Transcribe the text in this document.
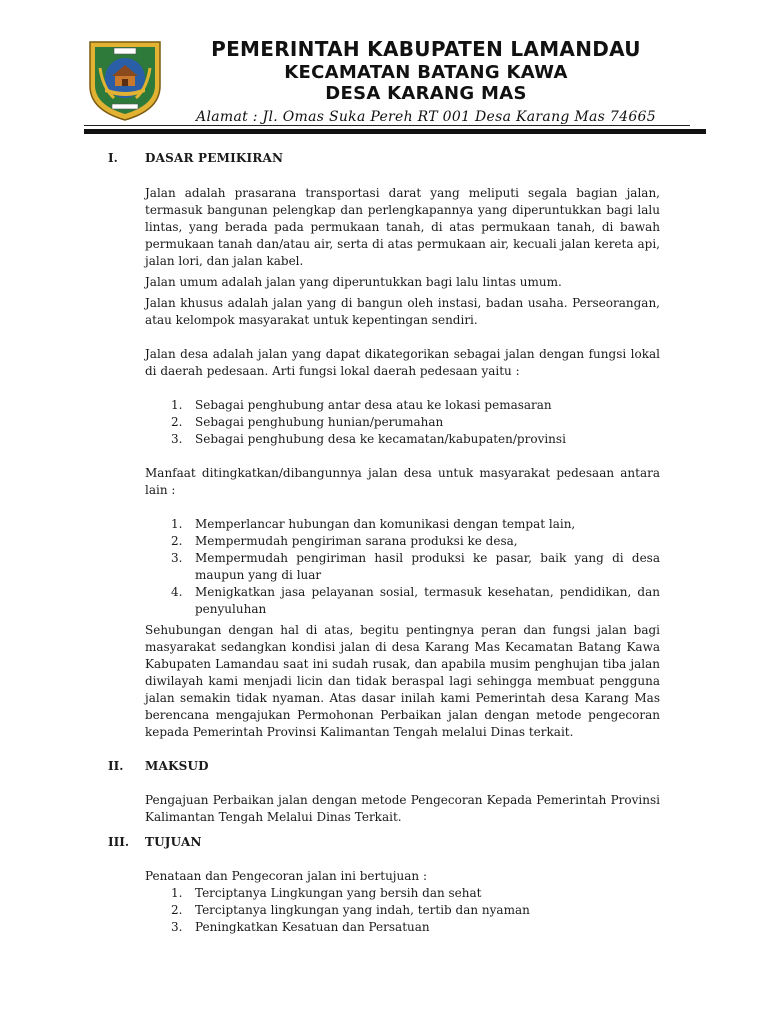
PEMERINTAH KABUPATEN LAMANDAU
KECAMATAN BATANG KAWA
DESA KARANG MAS
Alamat : Jl. Omas Suka Pereh RT 001 Desa Karang Mas 74665
I. DASAR PEMIKIRAN

Jalan adalah prasarana transportasi darat yang meliputi segala bagian jalan, termasuk bangunan pelengkap dan perlengkapannya yang diperuntukkan bagi lalu lintas, yang berada pada permukaan tanah, di atas permukaan tanah, di bawah permukaan tanah dan/atau air, serta di atas permukaan air, kecuali jalan kereta api, jalan lori, dan jalan kabel.

Jalan umum adalah jalan yang diperuntukkan bagi lalu lintas umum.

Jalan khusus adalah jalan yang di bangun oleh instasi, badan usaha. Perseorangan, atau kelompok masyarakat untuk kepentingan sendiri.

Jalan desa adalah jalan yang dapat dikategorikan sebagai jalan dengan fungsi lokal di daerah pedesaan. Arti fungsi lokal daerah pedesaan yaitu :

1. Sebagai penghubung antar desa atau ke lokasi pemasaran
2. Sebagai penghubung hunian/perumahan
3. Sebagai penghubung desa ke kecamatan/kabupaten/provinsi

Manfaat ditingkatkan/dibangunnya jalan desa untuk masyarakat pedesaan antara lain :

1. Memperlancar hubungan dan komunikasi dengan tempat lain,
2. Mempermudah pengiriman sarana produksi ke desa,
3. Mempermudah pengiriman hasil produksi ke pasar, baik yang di desa maupun yang di luar
4. Menigkatkan jasa pelayanan sosial, termasuk kesehatan, pendidikan, dan penyuluhan

Sehubungan dengan hal di atas, begitu pentingnya peran dan fungsi jalan bagi masyarakat sedangkan kondisi jalan di desa Karang Mas Kecamatan Batang Kawa Kabupaten Lamandau saat ini sudah rusak, dan apabila musim penghujan tiba jalan diwilayah kami menjadi licin dan tidak beraspal lagi sehingga membuat pengguna jalan semakin tidak nyaman. Atas dasar inilah kami Pemerintah desa Karang Mas berencana mengajukan Permohonan Perbaikan jalan dengan metode pengecoran kepada Pemerintah Provinsi Kalimantan Tengah melalui Dinas terkait.

II. MAKSUD

Pengajuan Perbaikan jalan dengan metode Pengecoran Kepada Pemerintah Provinsi Kalimantan Tengah Melalui Dinas Terkait.

III. TUJUAN

Penataan dan Pengecoran jalan ini bertujuan :

1. Terciptanya Lingkungan yang bersih dan sehat
2. Terciptanya lingkungan yang indah, tertib dan nyaman
3. Peningkatkan Kesatuan dan Persatuan
